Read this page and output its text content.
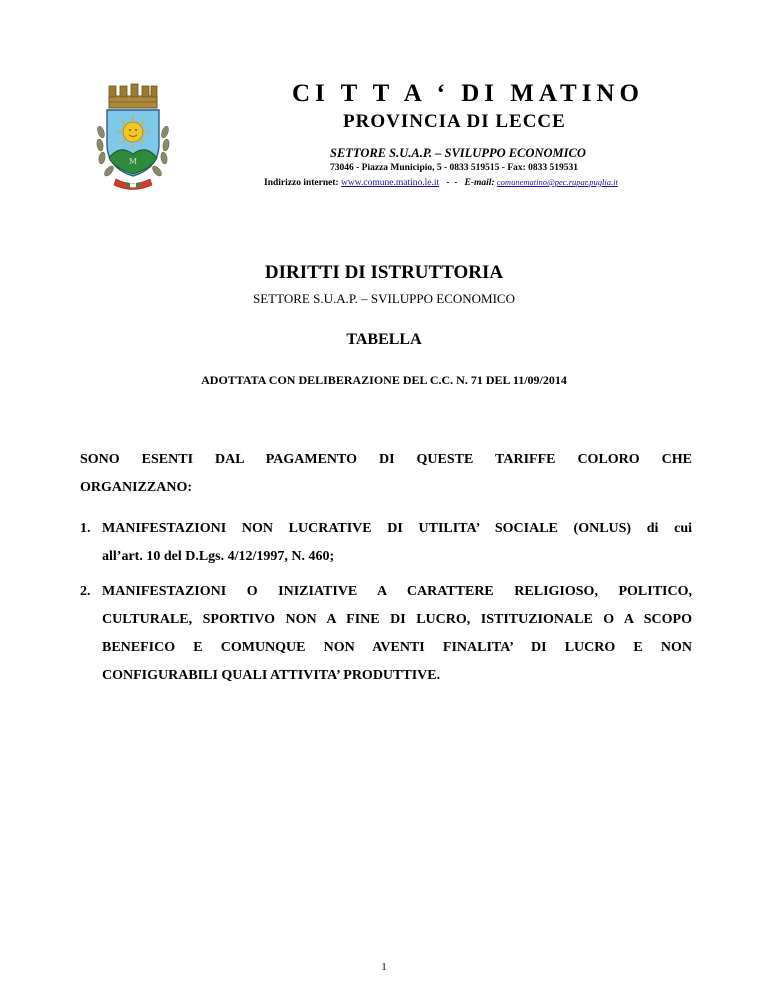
M
CI T T A ‘ DI MATINO
PROVINCIA DI LECCE
SETTORE S.U.A.P. – SVILUPPO ECONOMICO
73046 - Piazza Municipio, 5 - 0833 519515 - Fax: 0833 519531
Indirizzo internet: www.comune.matino.le.it   -  -   E-mail: comunematino@pec.rupar.puglia.it
DIRITTI DI ISTRUTTORIA
SETTORE S.U.A.P. – SVILUPPO ECONOMICO
TABELLA
ADOTTATA CON DELIBERAZIONE DEL C.C. N. 71 DEL 11/09/2014
SONO ESENTI DAL PAGAMENTO DI QUESTE TARIFFE COLORO CHE
ORGANIZZANO:
1. MANIFESTAZIONI NON LUCRATIVE DI UTILITA’ SOCIALE (ONLUS) di cui
all’art. 10 del D.Lgs. 4/12/1997, N. 460;
2. MANIFESTAZIONI O INIZIATIVE A CARATTERE RELIGIOSO, POLITICO,
CULTURALE, SPORTIVO NON A FINE DI LUCRO, ISTITUZIONALE O A SCOPO
BENEFICO E COMUNQUE NON AVENTI FINALITA’ DI LUCRO E NON
CONFIGURABILI QUALI ATTIVITA’ PRODUTTIVE.
1
